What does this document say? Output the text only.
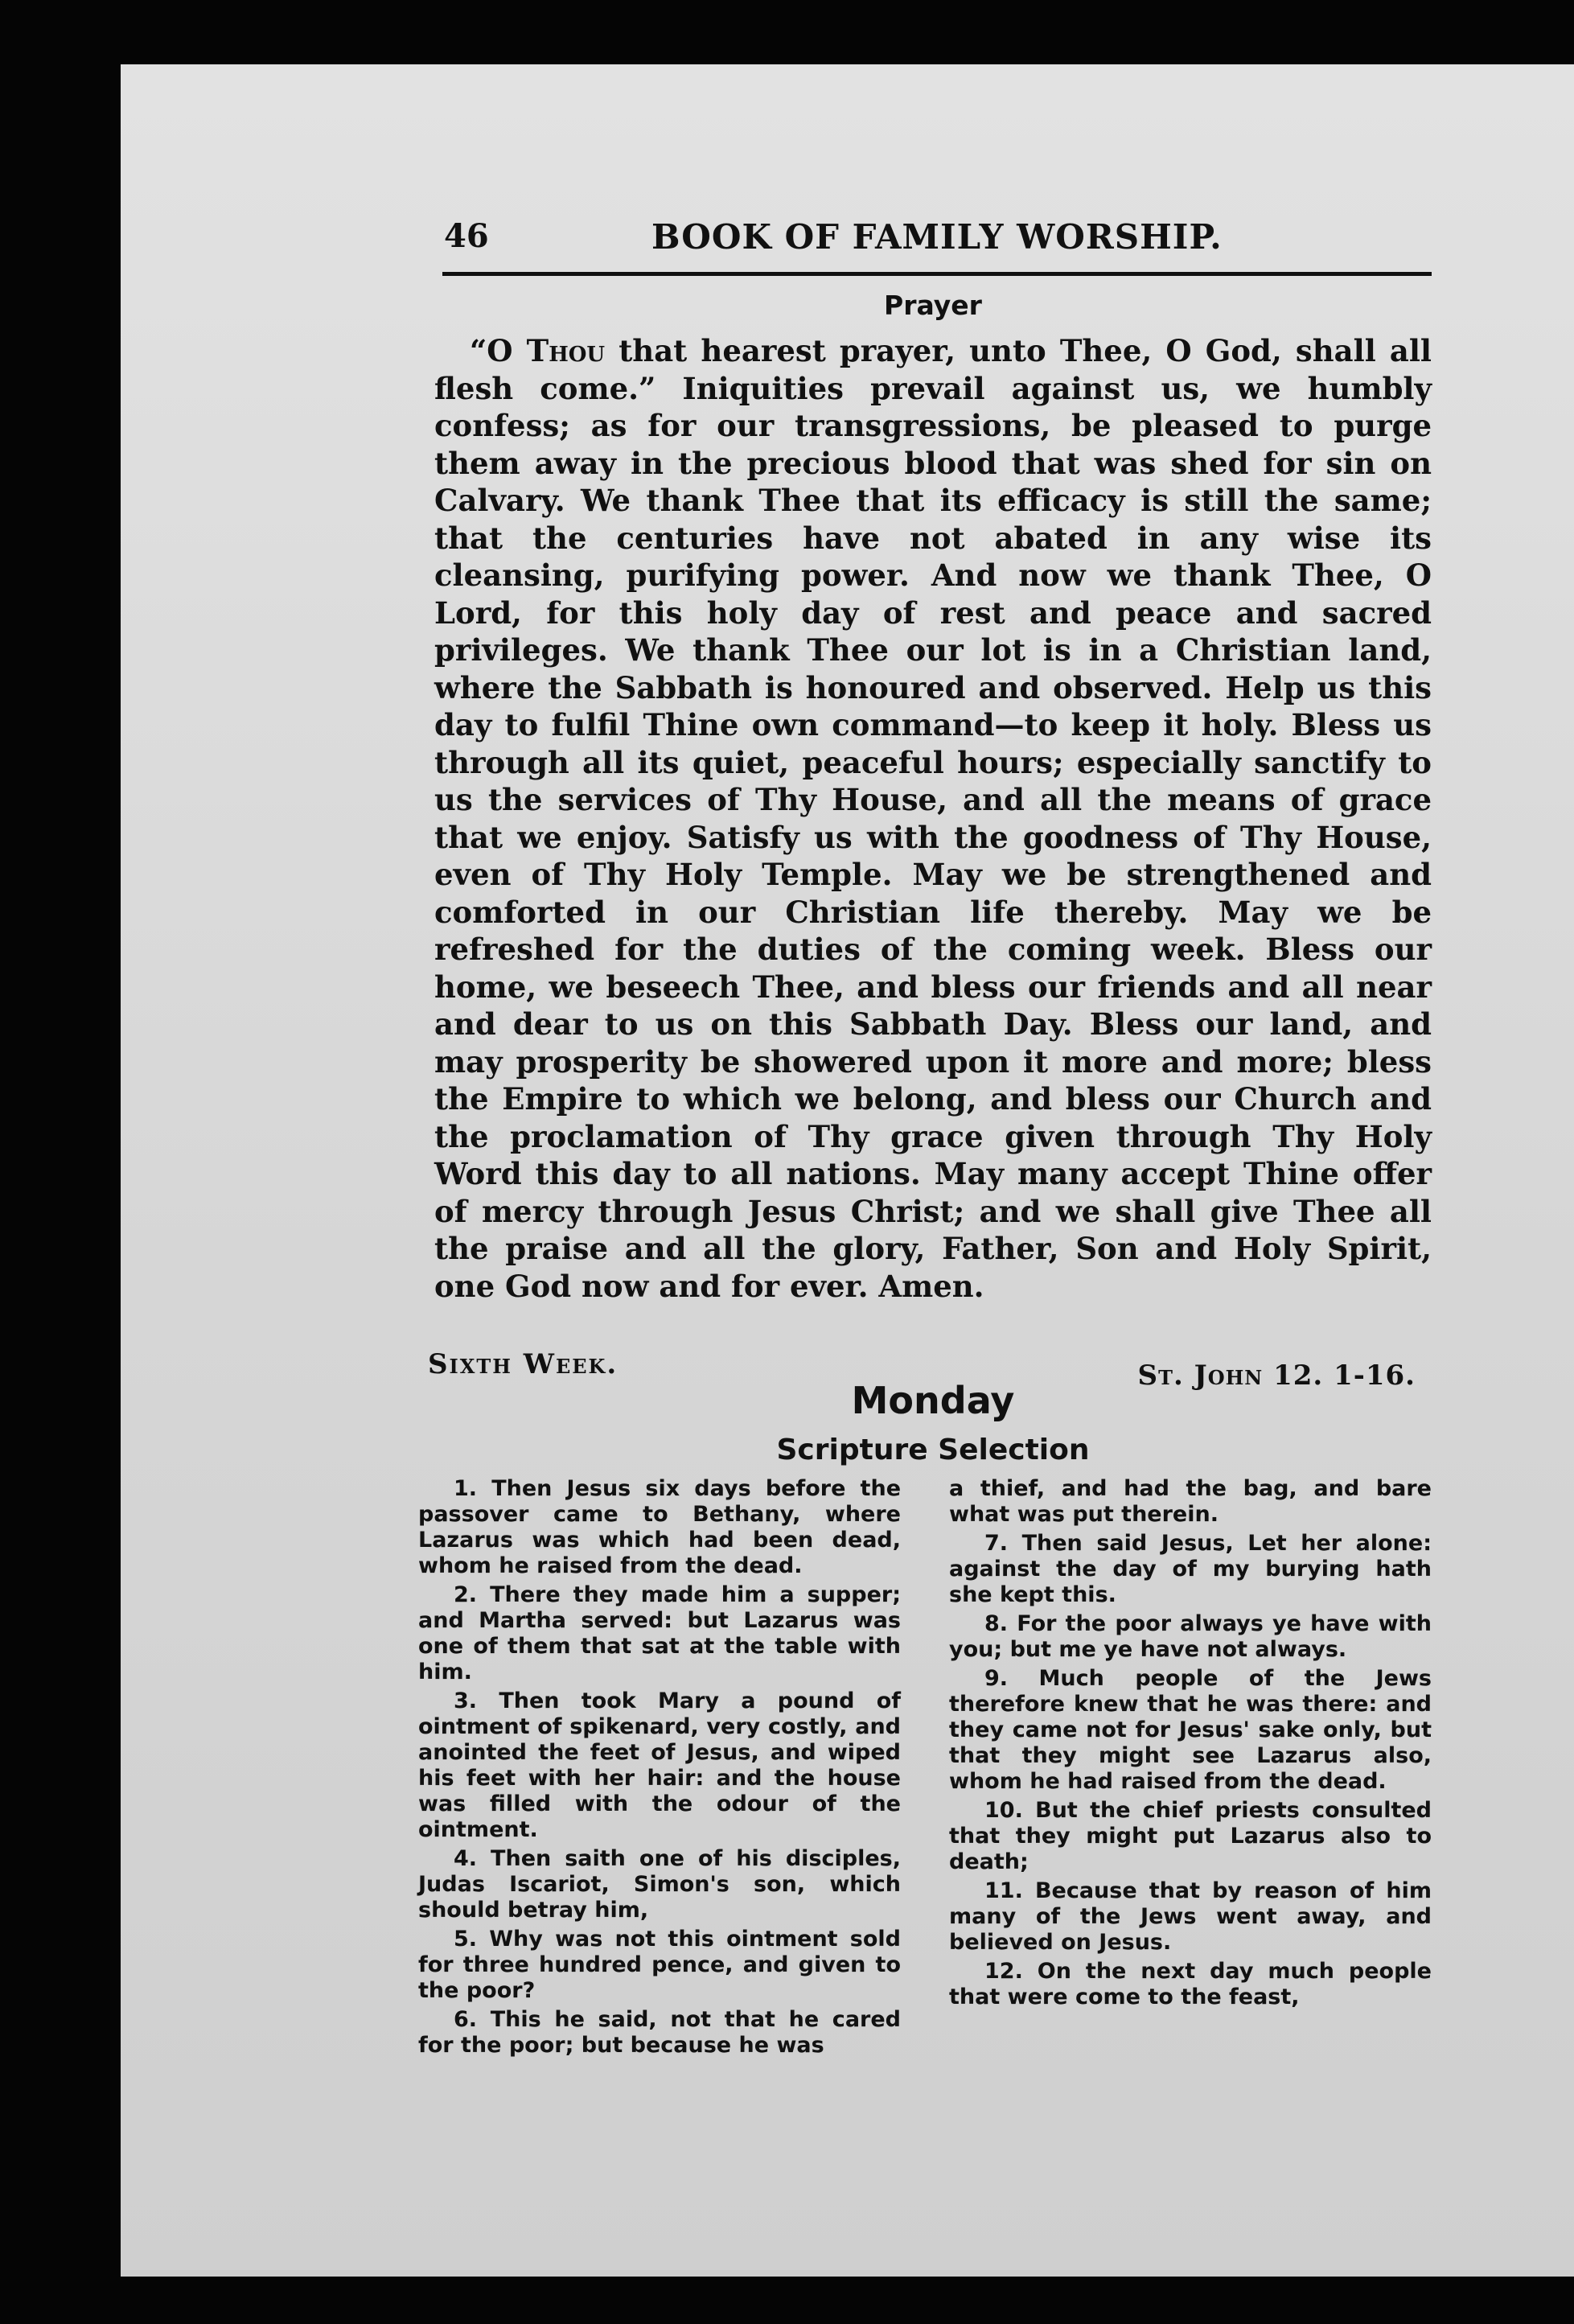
46	BOOK OF FAMILY WORSHIP.
Prayer
“O Thou that hearest prayer, unto Thee, O God, shall all flesh come.” Iniquities prevail against us, we humbly confess; as for our transgressions, be pleased to purge them away in the precious blood that was shed for sin on Calvary. We thank Thee that its efficacy is still the same; that the centuries have not abated in any wise its cleansing, purifying power. And now we thank Thee, O Lord, for this holy day of rest and peace and sacred privileges. We thank Thee our lot is in a Christian land, where the Sabbath is honoured and observed. Help us this day to fulfil Thine own command—to keep it holy. Bless us through all its quiet, peaceful hours; especially sanctify to us the services of Thy House, and all the means of grace that we enjoy. Satisfy us with the goodness of Thy House, even of Thy Holy Temple. May we be strengthened and comforted in our Christian life thereby. May we be refreshed for the duties of the coming week. Bless our home, we beseech Thee, and bless our friends and all near and dear to us on this Sabbath Day. Bless our land, and may prosperity be showered upon it more and more; bless the Empire to which we belong, and bless our Church and the proclamation of Thy grace given through Thy Holy Word this day to all nations. May many accept Thine offer of mercy through Jesus Christ; and we shall give Thee all the praise and all the glory, Father, Son and Holy Spirit, one God now and for ever. Amen.
Sixth Week.	St. John 12. 1-16.
Monday
Scripture Selection

1. Then Jesus six days before the passover came to Bethany, where Lazarus was which had been dead, whom he raised from the dead.

2. There they made him a supper; and Martha served: but Lazarus was one of them that sat at the table with him.

3. Then took Mary a pound of ointment of spikenard, very costly, and anointed the feet of Jesus, and wiped his feet with her hair: and the house was filled with the odour of the ointment.

4. Then saith one of his disciples, Judas Iscariot, Simon's son, which should betray him,

5. Why was not this ointment sold for three hundred pence, and given to the poor?

6. This he said, not that he cared for the poor; but because he was

a thief, and had the bag, and bare what was put therein.

7. Then said Jesus, Let her alone: against the day of my burying hath she kept this.

8. For the poor always ye have with you; but me ye have not always.

9. Much people of the Jews therefore knew that he was there: and they came not for Jesus' sake only, but that they might see Lazarus also, whom he had raised from the dead.

10. But the chief priests consulted that they might put Lazarus also to death;

11. Because that by reason of him many of the Jews went away, and believed on Jesus.

12. On the next day much people that were come to the feast,
